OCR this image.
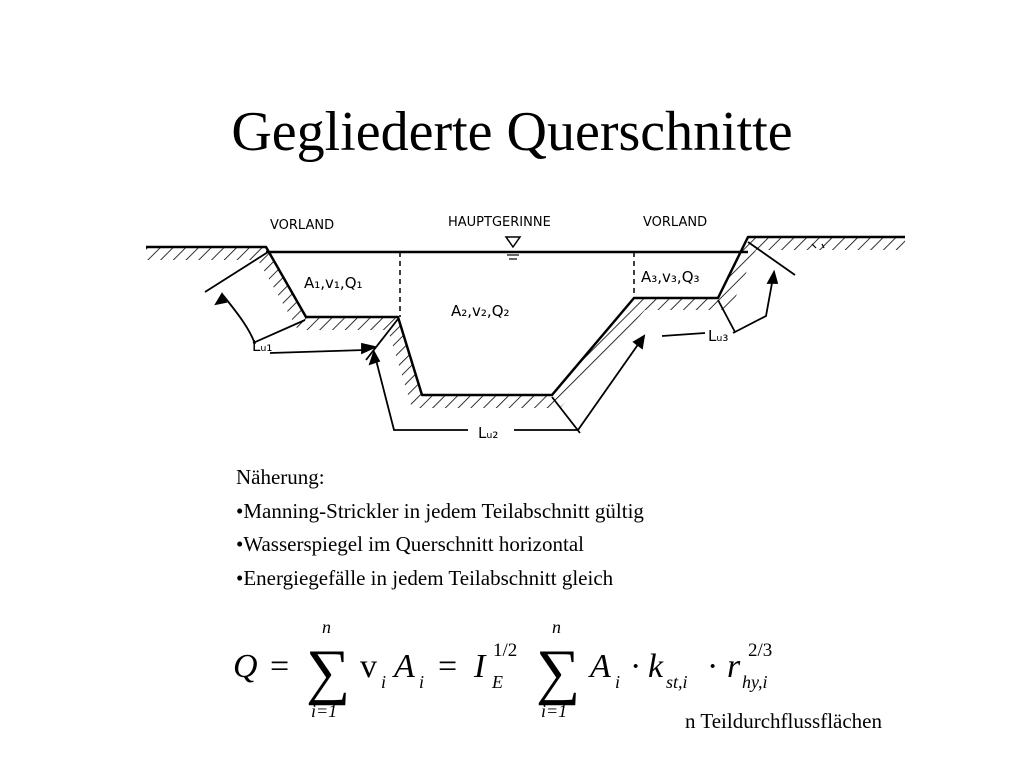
Gegliederte Querschnitte
VORLAND	HAUPTGERINNE	VORLAND
A₁,v₁,Q₁
A₂,v₂,Q₂
A₃,v₃,Q₃
Lᵤ₁
Lᵤ₂
Lᵤ₃
Näherung:
•Manning-Strickler in jedem Teilabschnitt gültig
•Wasserspiegel im Querschnitt horizontal
•Energiegefälle in jedem Teilabschnitt gleich
Q = ∑
n
i=1
v i A i = I 1/2
E ∑
n
i=1
A i · k st,i · r 2/3
hy,i
n Teildurchflussflächen
